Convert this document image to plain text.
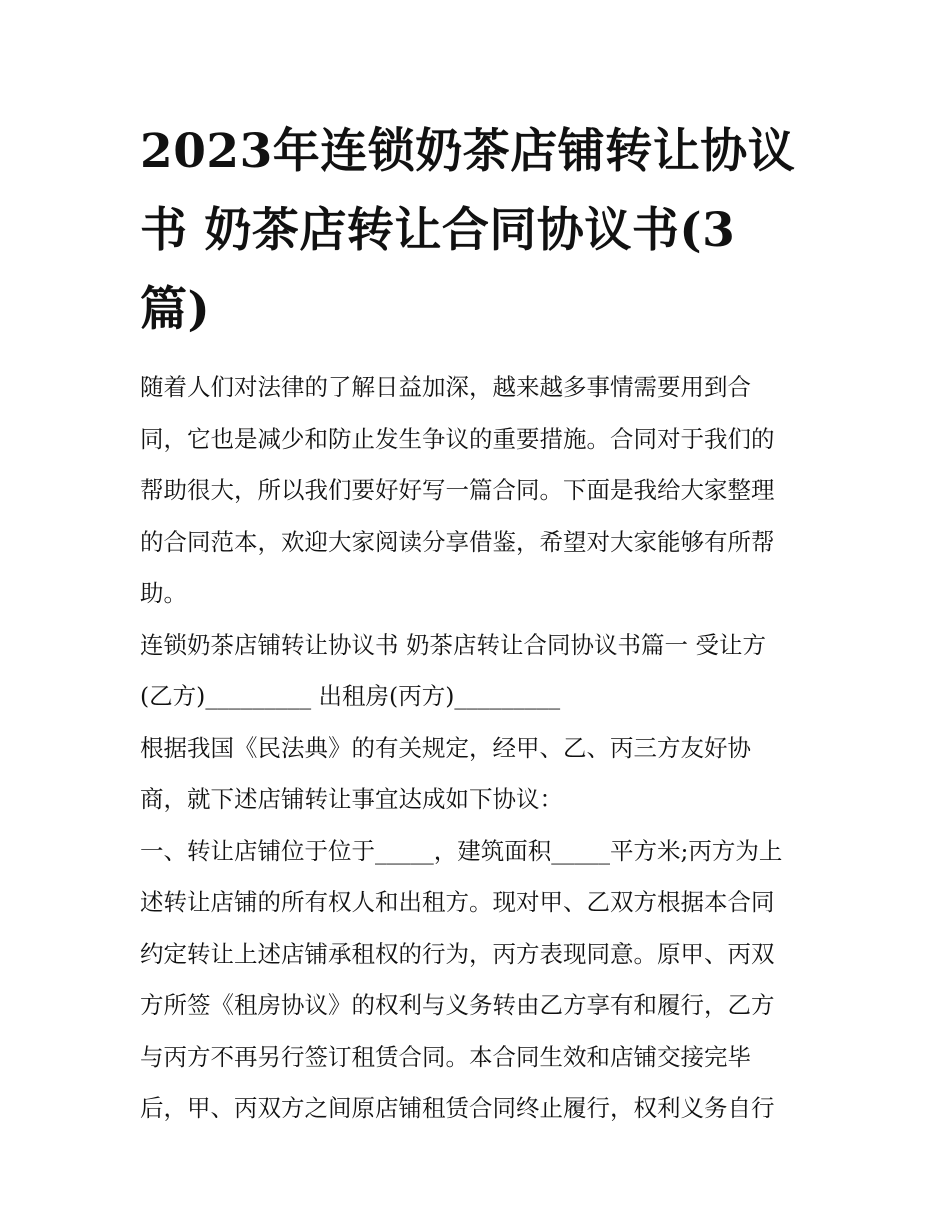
2023年连锁奶茶店铺转让协议

书 奶茶店转让合同协议书(3

篇)

随着人们对法律的了解日益加深，越来越多事情需要用到合

同，它也是减少和防止发生争议的重要措施。合同对于我们的

帮助很大，所以我们要好好写一篇合同。下面是我给大家整理

的合同范本，欢迎大家阅读分享借鉴，希望对大家能够有所帮

助。

连锁奶茶店铺转让协议书 奶茶店转让合同协议书篇一 受让方

(乙方)_________ 出租房(丙方)_________

根据我国《民法典》的有关规定，经甲、乙、丙三方友好协

商，就下述店铺转让事宜达成如下协议：

一、转让店铺位于位于_____，建筑面积_____平方米;丙方为上

述转让店铺的所有权人和出租方。现对甲、乙双方根据本合同

约定转让上述店铺承租权的行为，丙方表现同意。原甲、丙双

方所签《租房协议》的权利与义务转由乙方享有和履行，乙方

与丙方不再另行签订租赁合同。本合同生效和店铺交接完毕

后，甲、丙双方之间原店铺租赁合同终止履行，权利义务自行
